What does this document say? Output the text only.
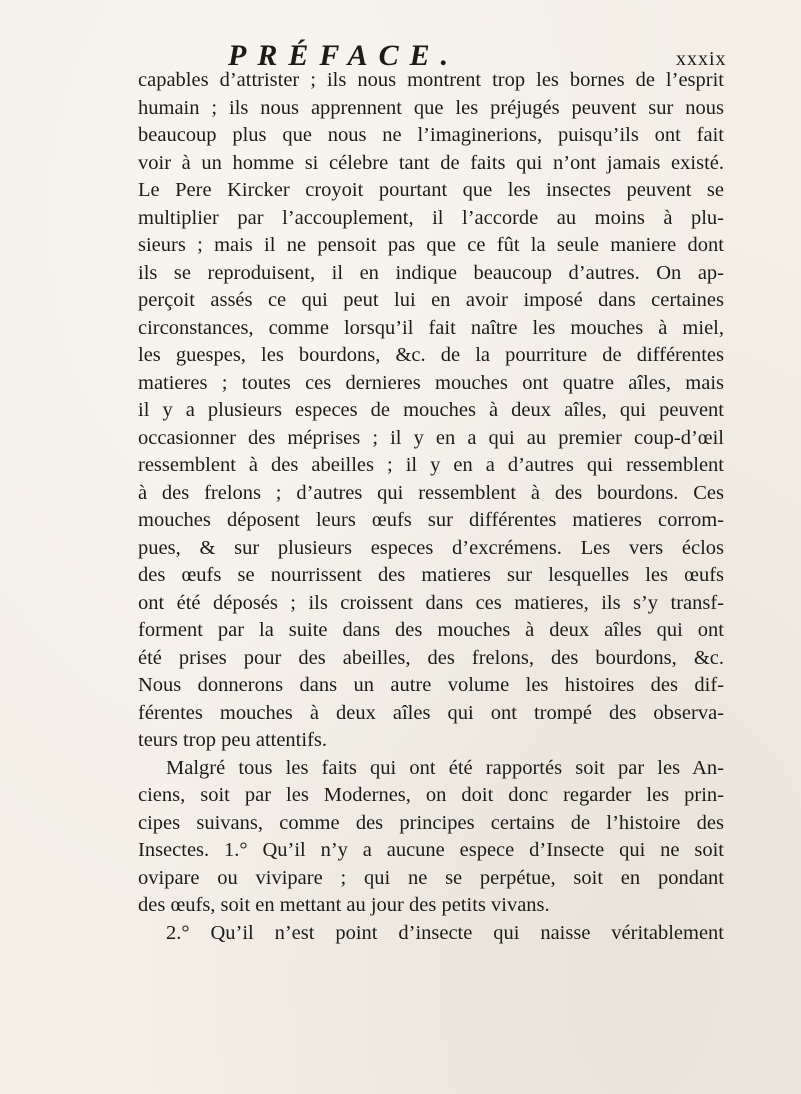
PRÉFACE.	xxxix
capables d’attrister ; ils nous montrent trop les bornes de l’esprit
humain ; ils nous apprennent que les préjugés peuvent sur nous
beaucoup plus que nous ne l’imaginerions, puisqu’ils ont fait
voir à un homme si célebre tant de faits qui n’ont jamais existé.
Le Pere Kircker croyoit pourtant que les insectes peuvent se
multiplier par l’accouplement, il l’accorde au moins à plu-
sieurs ; mais il ne pensoit pas que ce fût la seule maniere dont
ils se reproduisent, il en indique beaucoup d’autres. On ap-
perçoit assés ce qui peut lui en avoir imposé dans certaines
circonstances, comme lorsqu’il fait naître les mouches à miel,
les guespes, les bourdons, &c. de la pourriture de différentes
matieres ; toutes ces dernieres mouches ont quatre aîles, mais
il y a plusieurs especes de mouches à deux aîles, qui peuvent
occasionner des méprises ; il y en a qui au premier coup-d’œil
ressemblent à des abeilles ; il y en a d’autres qui ressemblent
à des frelons ; d’autres qui ressemblent à des bourdons. Ces
mouches déposent leurs œufs sur différentes matieres corrom-
pues, & sur plusieurs especes d’excrémens. Les vers éclos
des œufs se nourrissent des matieres sur lesquelles les œufs
ont été déposés ; ils croissent dans ces matieres, ils s’y transf-
forment par la suite dans des mouches à deux aîles qui ont
été prises pour des abeilles, des frelons, des bourdons, &c.
Nous donnerons dans un autre volume les histoires des dif-
férentes mouches à deux aîles qui ont trompé des observa-
teurs trop peu attentifs.
Malgré tous les faits qui ont été rapportés soit par les An-
ciens, soit par les Modernes, on doit donc regarder les prin-
cipes suivans, comme des principes certains de l’histoire des
Insectes. 1.° Qu’il n’y a aucune espece d’Insecte qui ne soit
ovipare ou vivipare ; qui ne se perpétue, soit en pondant
des œufs, soit en mettant au jour des petits vivans.
2.° Qu’il n’est point d’insecte qui naisse véritablement
